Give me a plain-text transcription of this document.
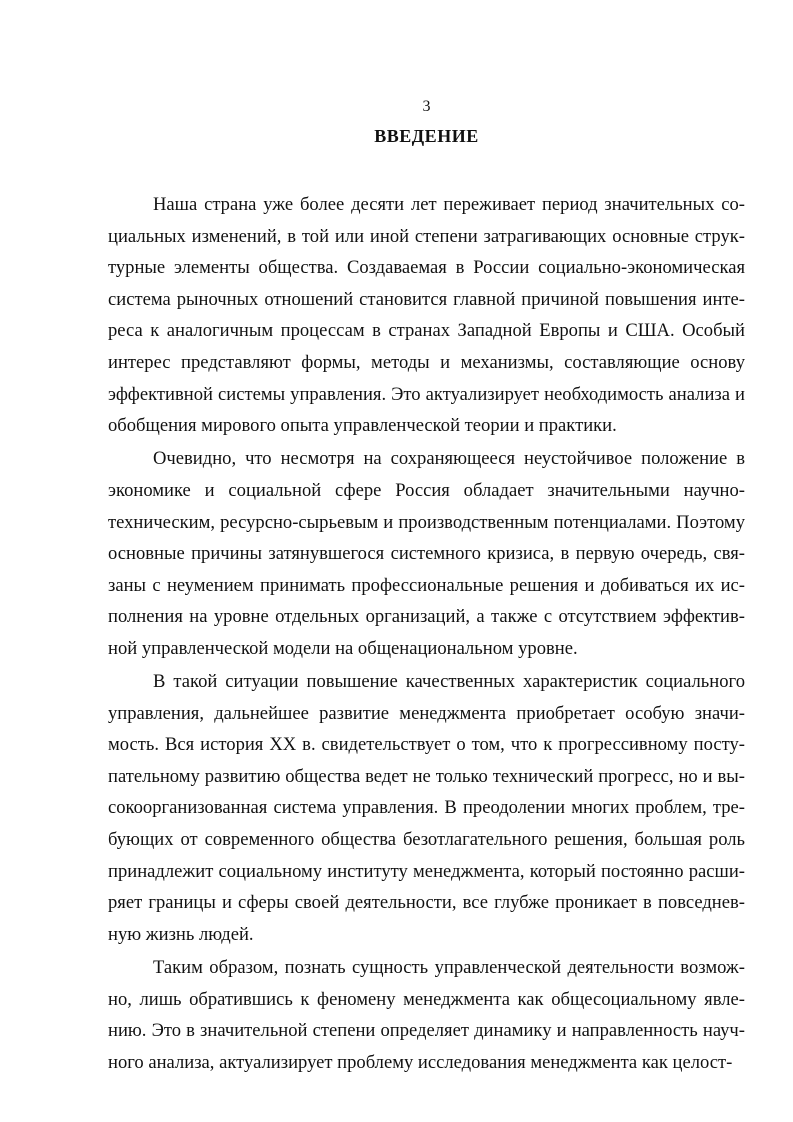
3
ВВЕДЕНИЕ

Наша страна уже более десяти лет переживает период значительных социальных изменений, в той или иной степени затрагивающих основные структурные элементы общества. Создаваемая в России социально-экономическая система рыночных отношений становится главной причиной повышения интереса к аналогичным процессам в странах Западной Европы и США. Особый интерес представляют формы, методы и механизмы, составляющие основу эффективной системы управления. Это актуализирует необходимость анализа и обобщения мирового опыта управленческой теории и практики.

Очевидно, что несмотря на сохраняющееся неустойчивое положение в экономике и социальной сфере Россия обладает значительными научно-техническим, ресурсно-сырьевым и производственным потенциалами. Поэтому основные причины затянувшегося системного кризиса, в первую очередь, связаны с неумением принимать профессиональные решения и добиваться их исполнения на уровне отдельных организаций, а также с отсутствием эффективной управленческой модели на общенациональном уровне.

В такой ситуации повышение качественных характеристик социального управления, дальнейшее развитие менеджмента приобретает особую значимость. Вся история XX в. свидетельствует о том, что к прогрессивному поступательному развитию общества ведет не только технический прогресс, но и высокоорганизованная система управления. В преодолении многих проблем, требующих от современного общества безотлагательного решения, большая роль принадлежит социальному институту менеджмента, который постоянно расширяет границы и сферы своей деятельности, все глубже проникает в повседневную жизнь людей.

Таким образом, познать сущность управленческой деятельности возможно, лишь обратившись к феномену менеджмента как общесоциальному явлению. Это в значительной степени определяет динамику и направленность научного анализа, актуализирует проблему исследования менеджмента как целост-
